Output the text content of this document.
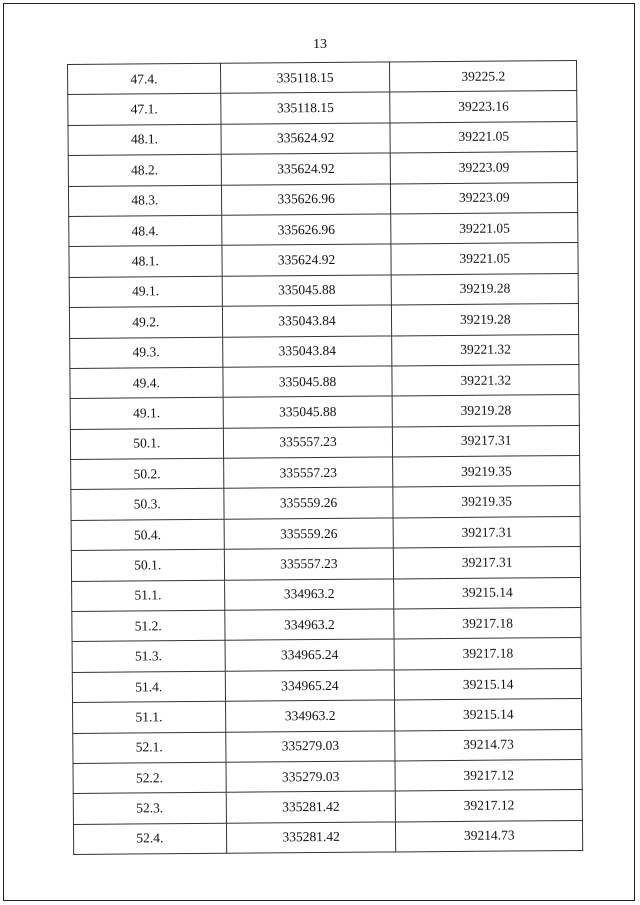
13
47.4.	335118.15	39225.2
47.1.	335118.15	39223.16
48.1.	335624.92	39221.05
48.2.	335624.92	39223.09
48.3.	335626.96	39223.09
48.4.	335626.96	39221.05
48.1.	335624.92	39221.05
49.1.	335045.88	39219.28
49.2.	335043.84	39219.28
49.3.	335043.84	39221.32
49.4.	335045.88	39221.32
49.1.	335045.88	39219.28
50.1.	335557.23	39217.31
50.2.	335557.23	39219.35
50.3.	335559.26	39219.35
50.4.	335559.26	39217.31
50.1.	335557.23	39217.31
51.1.	334963.2	39215.14
51.2.	334963.2	39217.18
51.3.	334965.24	39217.18
51.4.	334965.24	39215.14
51.1.	334963.2	39215.14
52.1.	335279.03	39214.73
52.2.	335279.03	39217.12
52.3.	335281.42	39217.12
52.4.	335281.42	39214.73
